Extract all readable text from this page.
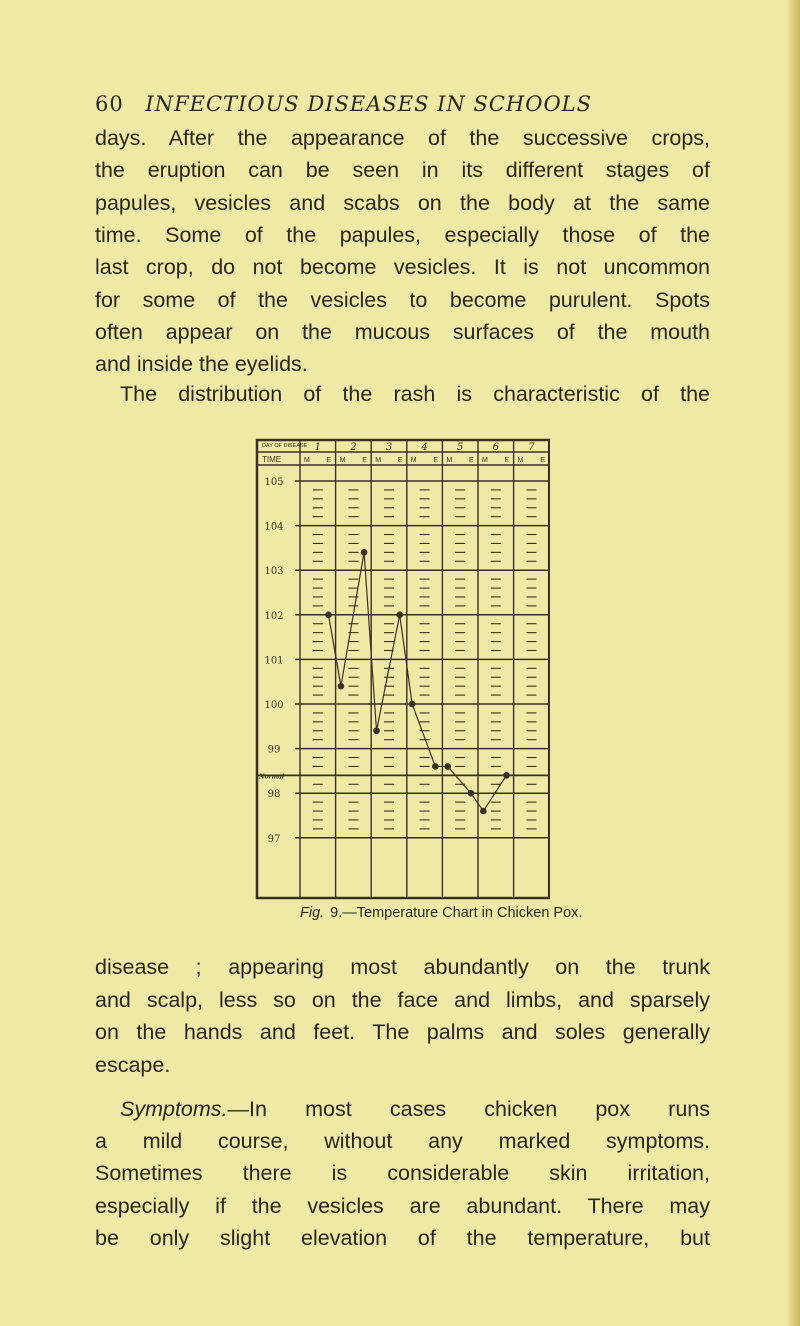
60 INFECTIOUS DISEASES IN SCHOOLS
days. After the appearance of the successive crops,
the eruption can be seen in its different stages of
papules, vesicles and scabs on the body at the same
time. Some of the papules, especially those of the
last crop, do not become vesicles. It is not uncommon
for some of the vesicles to become purulent. Spots
often appear on the mucous surfaces of the mouth
and inside the eyelids.
The distribution of the rash is characteristic of the
DAY OF DISEASE
TIME
1
M E
2
M E
3
M E
4
M E
5
M E
6
M E
7
M E
105
104
103
102
101
100
99
98
97
Normal
Fig. 9.—Temperature Chart in Chicken Pox.
disease ; appearing most abundantly on the trunk
and scalp, less so on the face and limbs, and sparsely
on the hands and feet. The palms and soles generally
escape.
Symptoms.—In most cases chicken pox runs
a mild course, without any marked symptoms.
Sometimes there is considerable skin irritation,
especially if the vesicles are abundant. There may
be only slight elevation of the temperature, but
